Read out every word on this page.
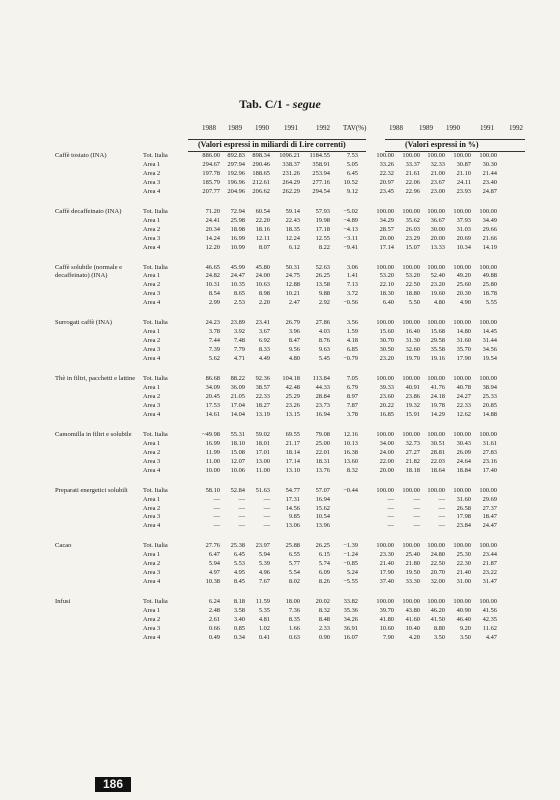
Tab. C/1 - segue
1988 1989 1990 1991	1992 TAV(%)	1988 1989 1990	1991 1992
(Valori espressi in miliardi di Lire correnti)	(Valori espressi in %)
Caffè tostato (INA)	Tot. Italia	886.00	892.83	898.34	1096.21	1184.55	7.53	100.00	100.00	100.00	100.00	100.00
	Area 1	294.67	297.94	290.46	338.37	358.91	5.05	33.26	33.37	32.33	30.87	30.30
	Area 2	197.78	192.96	188.65	231.26	253.94	6.45	22.32	21.61	21.00	21.10	21.44
	Area 3	185.79	196.96	212.61	264.29	277.16	10.52	20.97	22.06	23.67	24.11	23.40
	Area 4	207.77	204.96	206.62	262.29	294.54	9.12	23.45	22.96	23.00	23.93	24.87

Caffè decaffeinato (INA)	Tot. Italia	71.20	72.94	60.54	59.14	57.93	−5.02	100.00	100.00	100.00	100.00	100.00
	Area 1	24.41	25.98	22.20	22.43	19.98	−4.89	34.29	35.62	36.67	37.93	34.49
	Area 2	20.34	18.98	18.16	18.35	17.18	−4.13	28.57	26.03	30.00	31.03	29.66
	Area 3	14.24	16.99	12.11	12.24	12.55	−3.11	20.00	23.29	20.00	20.69	21.66
	Area 4	12.20	10.99	8.07	6.12	8.22	−9.41	17.14	15.07	13.33	10.34	14.19

Caffè solubile (normale e decaffeinato) (INA)	Tot. Italia	46.65	45.99	45.80	50.31	52.63	3.06	100.00	100.00	100.00	100.00	100.00
	Area 1	24.82	24.47	24.00	24.75	26.25	1.41	53.20	53.20	52.40	49.20	49.88
	Area 2	10.31	10.35	10.63	12.88	13.58	7.13	22.10	22.50	23.20	25.60	25.80
	Area 3	8.54	8.65	8.98	10.21	9.88	3.72	18.30	18.80	19.60	20.30	18.78
	Area 4	2.99	2.53	2.20	2.47	2.92	−0.56	6.40	5.50	4.80	4.90	5.55

Surrogati caffè (INA)	Tot. Italia	24.23	23.89	23.41	26.79	27.86	3.56	100.00	100.00	100.00	100.00	100.00
	Area 1	3.78	3.92	3.67	3.96	4.03	1.59	15.60	16.40	15.68	14.80	14.45
	Area 2	7.44	7.48	6.92	8.47	8.76	4.18	30.70	31.30	29.58	31.60	31.44
	Area 3	7.39	7.79	8.33	9.56	9.63	6.85	30.50	32.60	35.58	35.70	34.56
	Area 4	5.62	4.71	4.49	4.80	5.45	−0.79	23.20	19.70	19.16	17.90	19.54

Thè in filtri, pacchetti e lattine	Tot. Italia	86.68	88.22	92.36	104.18	113.84	7.05	100.00	100.00	100.00	100.00	100.00
	Area 1	34.09	36.09	38.57	42.48	44.33	6.79	39.33	40.91	41.76	40.78	38.94
	Area 2	20.45	21.05	22.33	25.29	28.84	8.97	23.60	23.86	24.18	24.27	25.33
	Area 3	17.53	17.04	18.27	23.26	23.73	7.87	20.22	19.32	19.78	22.33	20.85
	Area 4	14.61	14.04	13.19	13.15	16.94	3.78	16.85	15.91	14.29	12.62	14.88

Camomilla in filtri e solubile	Tot. Italia	~49.98	55.31	59.02	69.55	79.08	12.16	100.00	100.00	100.00	100.00	100.00
	Area 1	16.99	18.10	18.01	21.17	25.00	10.13	34.00	32.73	30.51	30.43	31.61
	Area 2	11.99	15.08	17.01	18.14	22.01	16.38	24.00	27.27	28.81	26.09	27.83
	Area 3	11.00	12.07	13.00	17.14	18.31	13.60	22.00	21.82	22.03	24.64	23.16
	Area 4	10.00	10.06	11.00	13.10	13.76	8.32	20.00	18.18	18.64	18.84	17.40

Preparati energetici solubili	Tot. Italia	58.10	52.84	51.63	54.77	57.07	−0.44	100.00	100.00	100.00	100.00	100.00
	Area 1	—	—	—	17.31	16.94		—	—	—	31.60	29.69
	Area 2	—	—	—	14.56	15.62		—	—	—	26.58	27.37
	Area 3	—	—	—	9.85	10.54		—	—	—	17.98	18.47
	Area 4	—	—	—	13.06	13.96		—	—	—	23.84	24.47

Cacao	Tot. Italia	27.76	25.38	23.97	25.88	26.25	−1.39	100.00	100.00	100.00	100.00	100.00
	Area 1	6.47	6.45	5.94	6.55	6.15	−1.24	23.30	25.40	24.80	25.30	23.44
	Area 2	5.94	5.53	5.39	5.77	5.74	−0.85	21.40	21.80	22.50	22.30	21.87
	Area 3	4.97	4.95	4.96	5.54	6.09	5.24	17.90	19.50	20.70	21.40	23.22
	Area 4	10.38	8.45	7.67	8.02	8.26	−5.55	37.40	33.30	32.00	31.00	31.47

Infusi	Tot. Italia	6.24	8.18	11.59	18.00	20.02	33.82	100.00	100.00	100.00	100.00	100.00
	Area 1	2.48	3.58	5.35	7.36	8.32	35.36	39.70	43.80	46.20	40.90	41.56
	Area 2	2.61	3.40	4.81	8.35	8.48	34.26	41.80	41.60	41.50	46.40	42.35
	Area 3	0.66	0.85	1.02	1.66	2.33	36.91	10.60	10.40	8.80	9.20	11.62
	Area 4	0.49	0.34	0.41	0.63	0.90	16.07	7.90	4.20	3.50	3.50	4.47
186
